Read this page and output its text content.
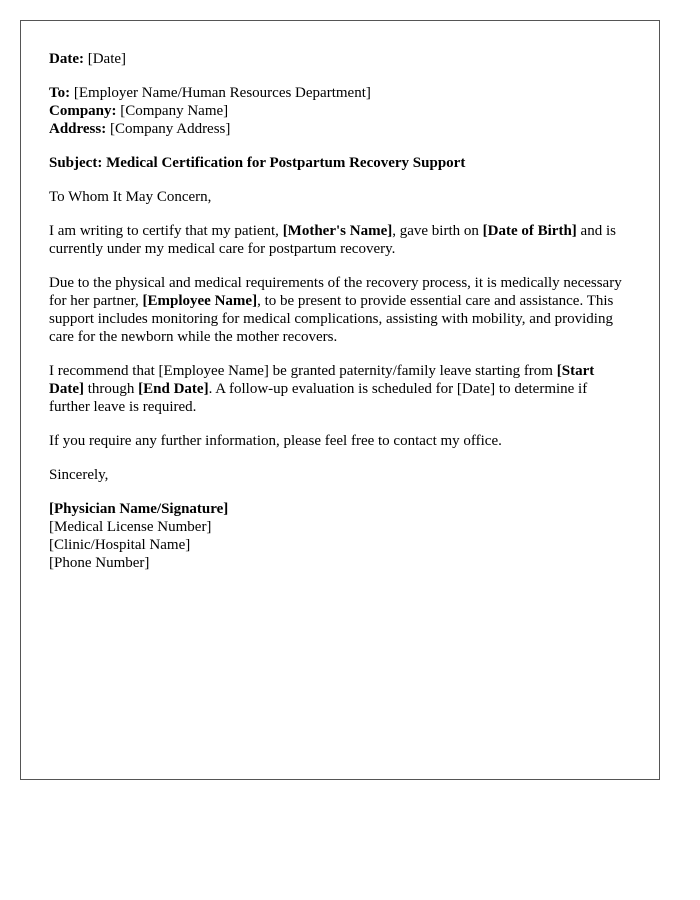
Date: [Date]

To: [Employer Name/Human Resources Department]

Company: [Company Name]

Address: [Company Address]

Subject: Medical Certification for Postpartum Recovery Support

To Whom It May Concern,

I am writing to certify that my patient, [Mother's Name], gave birth on [Date of Birth] and is currently under my medical care for postpartum recovery.

Due to the physical and medical requirements of the recovery process, it is medically necessary for her partner, [Employee Name], to be present to provide essential care and assistance. This support includes monitoring for medical complications, assisting with mobility, and providing care for the newborn while the mother recovers.

I recommend that [Employee Name] be granted paternity/family leave starting from [Start Date] through [End Date]. A follow-up evaluation is scheduled for [Date] to determine if further leave is required.

If you require any further information, please feel free to contact my office.

Sincerely,

[Physician Name/Signature]

[Medical License Number]

[Clinic/Hospital Name]

[Phone Number]
